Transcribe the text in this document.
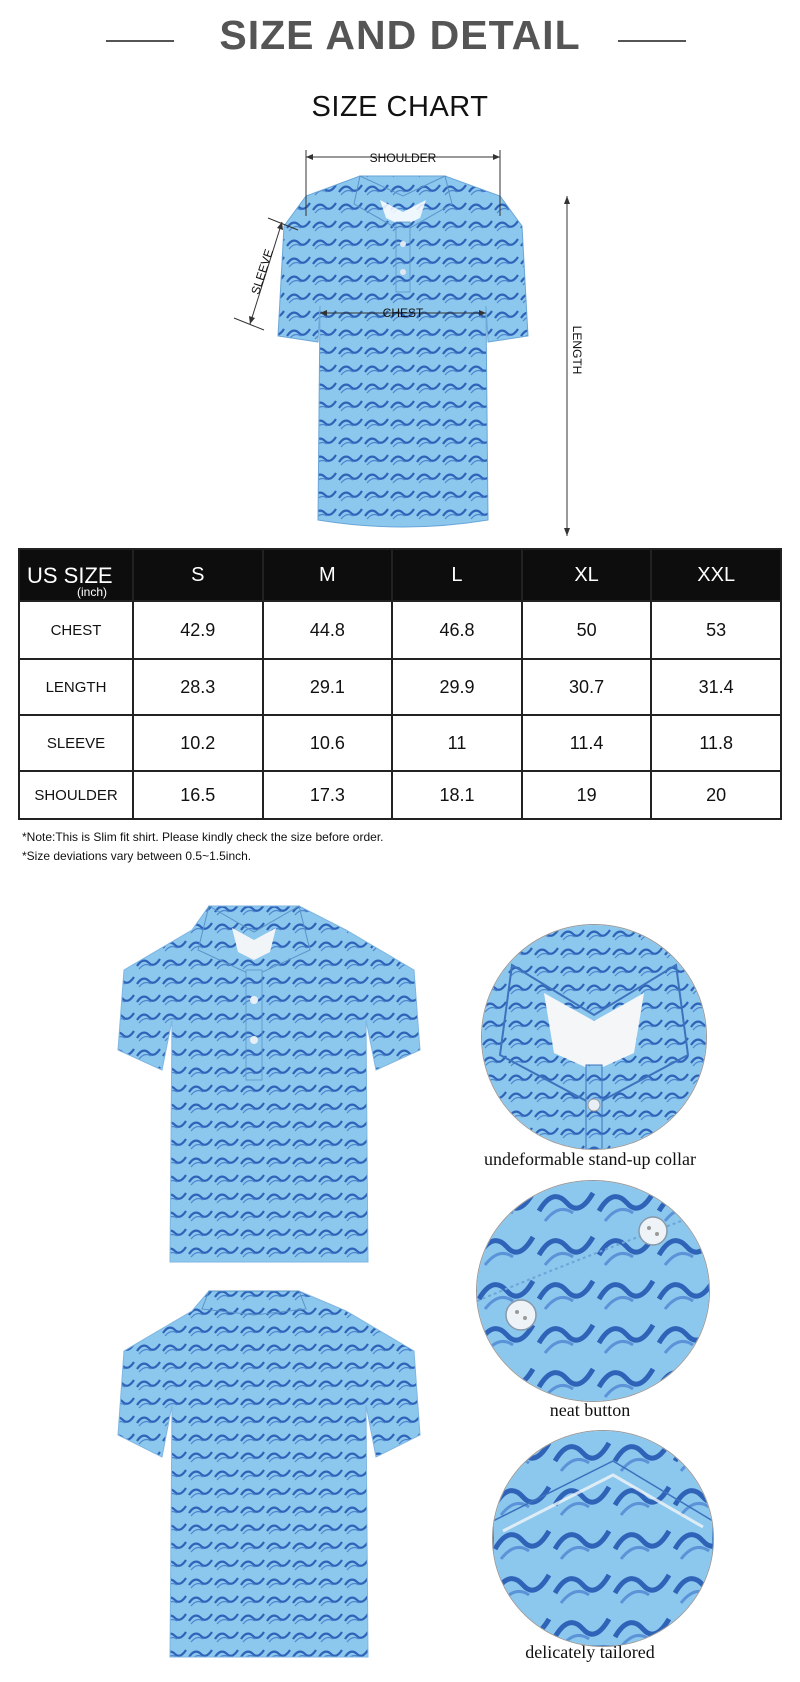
SIZE AND DETAIL
SIZE CHART
SHOULDER
CHEST
SLEEVE
LENGTH
US SIZE
(inch)	S	M	L	XL	XXL
CHEST	42.9	44.8	46.8	50	53
LENGTH	28.3	29.1	29.9	30.7	31.4
SLEEVE	10.2	10.6	11	11.4	11.8
SHOULDER	16.5	17.3	18.1	19	20
*Note:This is Slim fit shirt. Please kindly check the size before order.
*Size deviations vary between 0.5~1.5inch.
undeformable stand-up collar
neat button
delicately tailored
